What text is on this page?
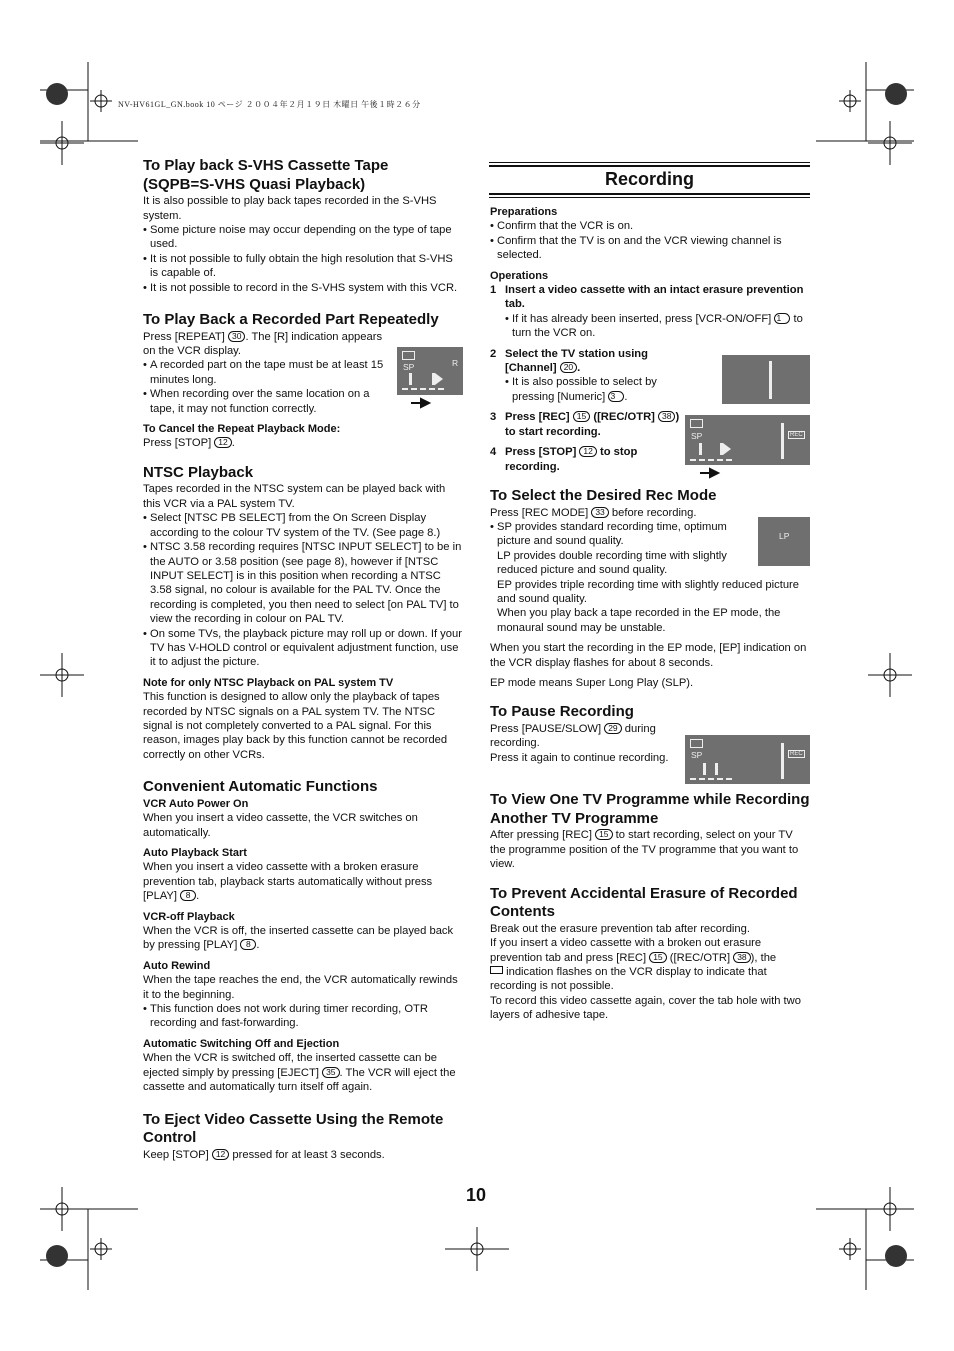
NV-HV61GL_GN.book 10 ページ ２００４年２月１９日 木曜日 午後１時２６分
To Play back S-VHS Cassette Tape (SQPB=S-VHS Quasi Playback)

It is also possible to play back tapes recorded in the S-VHS system.

• Some picture noise may occur depending on the type of tape used.

• It is not possible to fully obtain the high resolution that S-VHS is capable of.

• It is not possible to record in the S-VHS system with this VCR.

To Play Back a Recorded Part Repeatedly

Press [REPEAT] 30 . The [R] indication appears on the VCR display.

• A recorded part on the tape must be at least 15 minutes long.

• When recording over the same location on a tape, it may not function correctly.

To Cancel the Repeat Playback Mode:

Press [STOP] 12 .

NTSC Playback

Tapes recorded in the NTSC system can be played back with this VCR via a PAL system TV.

• Select [NTSC PB SELECT] from the On Screen Display according to the colour TV system of the TV. (See page 8.)

• NTSC 3.58 recording requires [NTSC INPUT SELECT] to be in the AUTO or 3.58 position (see page 8), however if [NTSC INPUT SELECT] is in this position when recording a NTSC 3.58 signal, no colour is available for the PAL TV. Once the recording is completed, you then need to select [on PAL TV] to view the recording in colour on PAL TV.

• On some TVs, the playback picture may roll up or down. If your TV has V-HOLD control or equivalent adjustment function, use it to adjust the picture.

Note for only NTSC Playback on PAL system TV

This function is designed to allow only the playback of tapes recorded by NTSC signals on a PAL system TV. The NTSC signal is not completely converted to a PAL signal. For this reason, images play back by this function cannot be recorded correctly on other VCRs.

Convenient Automatic Functions
VCR Auto Power On

When you insert a video cassette, the VCR switches on automatically.

Auto Playback Start

When you insert a video cassette with a broken erasure prevention tab, playback starts automatically without press [PLAY] 8 .

VCR-off Playback

When the VCR is off, the inserted cassette can be played back by pressing [PLAY] 8 .

Auto Rewind

When the tape reaches the end, the VCR automatically rewinds it to the beginning.

• This function does not work during timer recording, OTR recording and fast-forwarding.

Automatic Switching Off and Ejection

When the VCR is switched off, the inserted cassette can be ejected simply by pressing [EJECT] 35 . The VCR will eject the cassette and automatically turn itself off again.

To Eject Video Cassette Using the Remote Control

Keep [STOP] 12 pressed for at least 3 seconds.

SP	R
Recording
Preparations

• Confirm that the VCR is on.

• Confirm that the TV is on and the VCR viewing channel is selected.

Operations
1 Insert a video cassette with an intact erasure prevention tab.

• If it has already been inserted, press [VCR-ON/OFF] 1 to turn the VCR on.

2 Select the TV station using [Channel] 20 .

• It is also possible to select by pressing [Numeric] 3 .

3 Press [REC] 15 ([REC/OTR] 38 ) to start recording.
4 Press [STOP] 12 to stop recording.
To Select the Desired Rec Mode

Press [REC MODE] 33 before recording.

• SP provides standard recording time, optimum picture and sound quality.

LP provides double recording time with slightly reduced picture and sound quality.

EP provides triple recording time with slightly reduced picture and sound quality.

When you play back a tape recorded in the EP mode, the monaural sound may be unstable.

When you start the recording in the EP mode, [EP] indication on the VCR display flashes for about 8 seconds.

EP mode means Super Long Play (SLP).

To Pause Recording

Press [PAUSE/SLOW] 29 during recording.

Press it again to continue recording.

To View One TV Programme while Recording Another TV Programme

After pressing [REC] 15 to start recording, select on your TV the programme position of the TV programme that you want to view.

To Prevent Accidental Erasure of Recorded Contents

Break out the erasure prevention tab after recording.

If you insert a video cassette with a broken out erasure prevention tab and press [REC] 15 ([REC/OTR] 38 ), the
indication flashes on the VCR display to indicate that recording is not possible.

To record this video cassette again, cover the tab hole with two layers of adhesive tape.

SP	REC
LP
SP	REC
10
